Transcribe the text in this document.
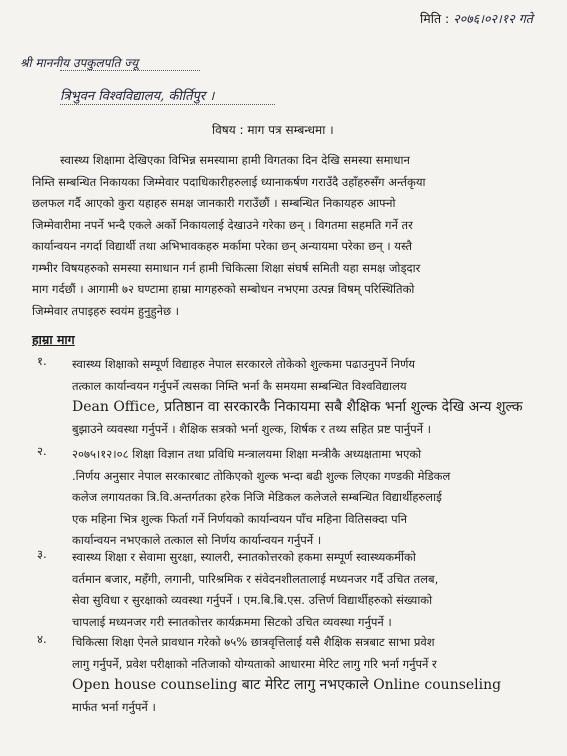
मिति : २०७६।०२।१२ गते
श्री माननीय उपकुलपति ज्यू
त्रिभुवन विश्वविद्यालय, कीर्तिपुर ।
विषय : माग पत्र सम्बन्धमा ।
स्वास्थ्य शिक्षामा देखिएका विभिन्न समस्यामा हामी विगतका दिन देखि समस्या समाधान
निम्ति सम्बन्धित निकायका जिम्मेवार पदाधिकारीहरुलाई ध्यानाकर्षण गराउँदै उहाँहरुसँग अर्न्तकृया
छलफल गर्दै आएको कुरा यहाहरु समक्ष जानकारी गराउँछौं । सम्बन्धित निकायहरु आफ्नो
जिम्मेवारीमा नपर्ने भन्दै एकले अर्को निकायलाई देखाउने गरेका छन् । विगतमा सहमति गर्ने तर
कार्यान्वयन नगर्दा विद्यार्थी तथा अभिभावकहरु मर्कामा परेका छन् अन्यायमा परेका छन् । यस्तै
गम्भीर विषयहरुको समस्या समाधान गर्न हामी चिकित्सा शिक्षा संघर्ष समिती यहा समक्ष जोड्दार
माग गर्दछौं । आगामी ७२ घण्टामा हाम्रा मागहरुको सम्बोधन नभएमा उत्पन्न विषम् परिस्थितिको
जिम्मेवार तपाइहरु स्वयंम हुनुहुनेछ ।
हाम्रा माग
१. स्वास्थ्य शिक्षाको सम्पूर्ण विद्याहरु नेपाल सरकारले तोकेको शुल्कमा पढाउनुपर्ने निर्णय
तत्काल कार्यान्वयन गर्नुपर्ने त्यसका निम्ति भर्ना कै समयमा सम्बन्धित विश्वविद्यालय
Dean Office, प्रतिष्ठान वा सरकारकै निकायमा सबै शैक्षिक भर्ना शुल्क देखि अन्य शुल्क
बुझाउने व्यवस्था गर्नुपर्ने । शैक्षिक सत्रको भर्ना शुल्क, शिर्षक र तथ्य सहित प्रष्ट पार्नुपर्ने ।
२. २०७५।१२।०८ शिक्षा विज्ञान तथा प्रविधि मन्त्रालयमा शिक्षा मन्त्रीकै अध्यक्षतामा भएको
.निर्णय अनुसार नेपाल सरकारबाट तोकिएको शुल्क भन्दा बढी शुल्क लिएका गण्डकी मेडिकल
कलेज लगायतका त्रि.वि.अन्तर्गतका हरेक निजि मेडिकल कलेजले सम्बन्धित विद्यार्थीहरुलाई
एक महिना भित्र शुल्क फिर्ता गर्ने निर्णयको कार्यान्वयन पाँच महिना वितिसक्दा पनि
कार्यान्वयन नभएकाले तत्काल सो निर्णय कार्यान्वयन गर्नुपर्ने ।
३. स्वास्थ्य शिक्षा र सेवामा सुरक्षा, स्यालरी, स्नातकोत्तरको हकमा सम्पूर्ण स्वास्थ्यकर्मीको
वर्तमान बजार, महँगी, लगानी, पारिश्रमिक र संवेदनशीलतालाई मध्यनजर गर्दै उचित तलब,
सेवा सुविधा र सुरक्षाको व्यवस्था गर्नुपर्ने । एम.बि.बि.एस. उत्तिर्ण विद्यार्थीहरुको संख्याको
चापलाई मध्यनजर गरी स्नातकोत्तर कार्यक्रममा सिटको उचित व्यवस्था गर्नुपर्ने ।
४. चिकित्सा शिक्षा ऐनले प्रावधान गरेको ७५% छात्रवृत्तिलाई यसै शैक्षिक सत्रबाट साभा प्रवेश
लागु गर्नुपर्ने, प्रवेश परीक्षाको नतिजाको योग्यताको आधारमा मेरिट लागु गरि भर्ना गर्नुपर्ने र
Open house counseling बाट मेरिट लागु नभएकाले Online counseling
मार्फत भर्ना गर्नुपर्ने ।
